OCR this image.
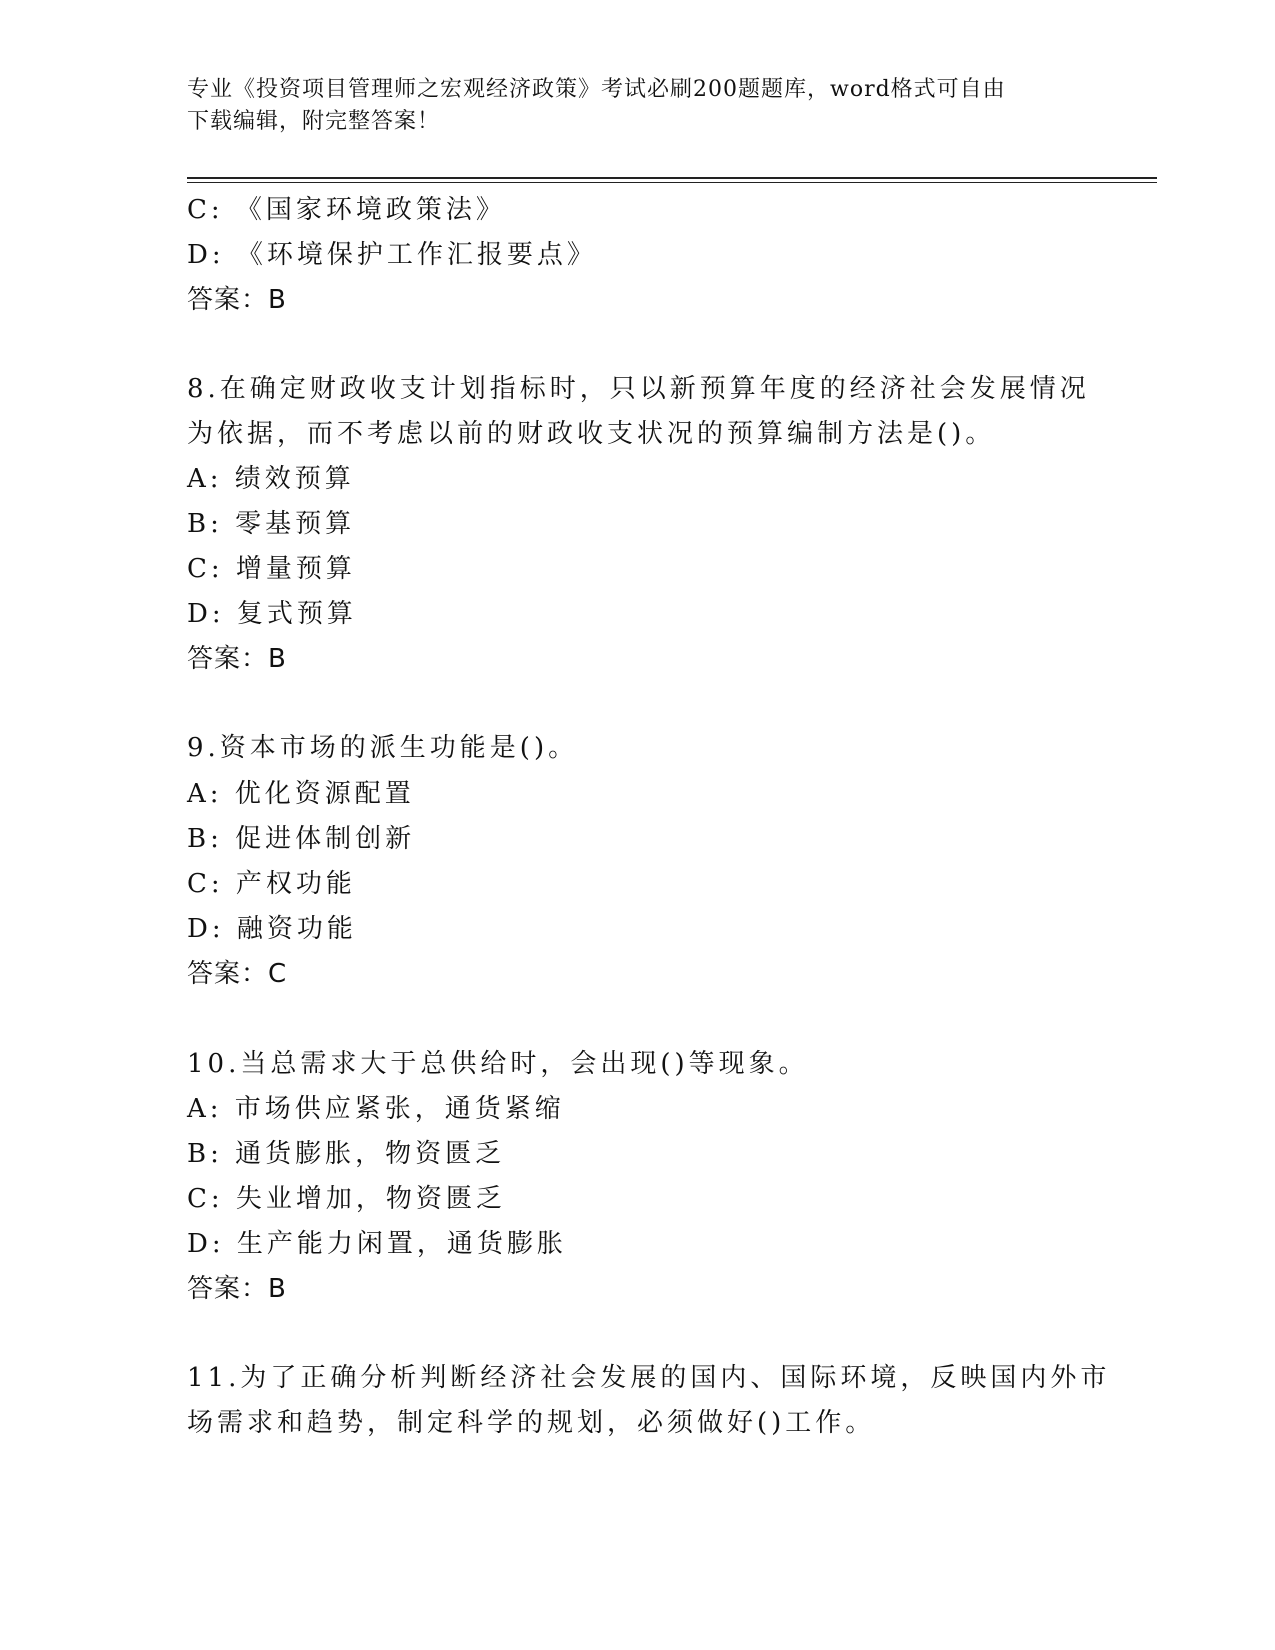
专业《投资项目管理师之宏观经济政策》考试必刷200题题库，word格式可自由
下载编辑，附完整答案！
C: 《国家环境政策法》
D: 《环境保护工作汇报要点》
答案：B
8.在确定财政收支计划指标时，只以新预算年度的经济社会发展情况
为依据，而不考虑以前的财政收支状况的预算编制方法是()。
A: 绩效预算
B: 零基预算
C: 增量预算
D: 复式预算
答案：B
9.资本市场的派生功能是()。
A: 优化资源配置
B: 促进体制创新
C: 产权功能
D: 融资功能
答案：C
10.当总需求大于总供给时，会出现()等现象。
A: 市场供应紧张，通货紧缩
B: 通货膨胀，物资匮乏
C: 失业增加，物资匮乏
D: 生产能力闲置，通货膨胀
答案：B
11.为了正确分析判断经济社会发展的国内、国际环境，反映国内外市
场需求和趋势，制定科学的规划，必须做好()工作。
